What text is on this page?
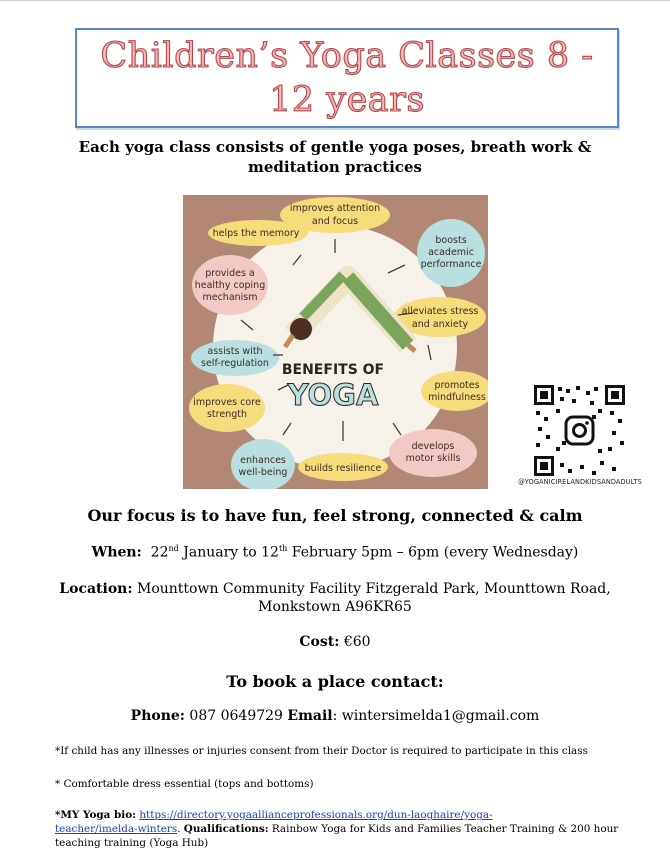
Children’s Yoga Classes 8 -
12 years
Each yoga class consists of gentle yoga poses, breath work &
meditation practices
BENEFITS OF
YOGA
improves attention
and focus
helps the memory
boosts
academic
performance
provides a
healthy coping
mechanism
alleviates stress
and anxiety
assists with
self-regulation
promotes
mindfulness
improves core
strength
develops
motor skills
enhances
well-being builds resilience
@YOGANICIRELANDKIDSANDADULTS
Our focus is to have fun, feel strong, connected & calm
When: 22nd January to 12th February 5pm – 6pm (every Wednesday)
Location: Mounttown Community Facility Fitzgerald Park, Mounttown Road,
Monkstown A96KR65
Cost: €60
To book a place contact:
Phone: 087 0649729 Email: wintersimelda1@gmail.com
*If child has any illnesses or injuries consent from their Doctor is required to participate in this class
* Comfortable dress essential (tops and bottoms)
*MY Yoga bio: https://directory.yogaallianceprofessionals.org/dun-laoghaire/yoga-
teacher/imelda-winters. Qualifications: Rainbow Yoga for Kids and Families Teacher Training & 200 hour
teaching training (Yoga Hub)
